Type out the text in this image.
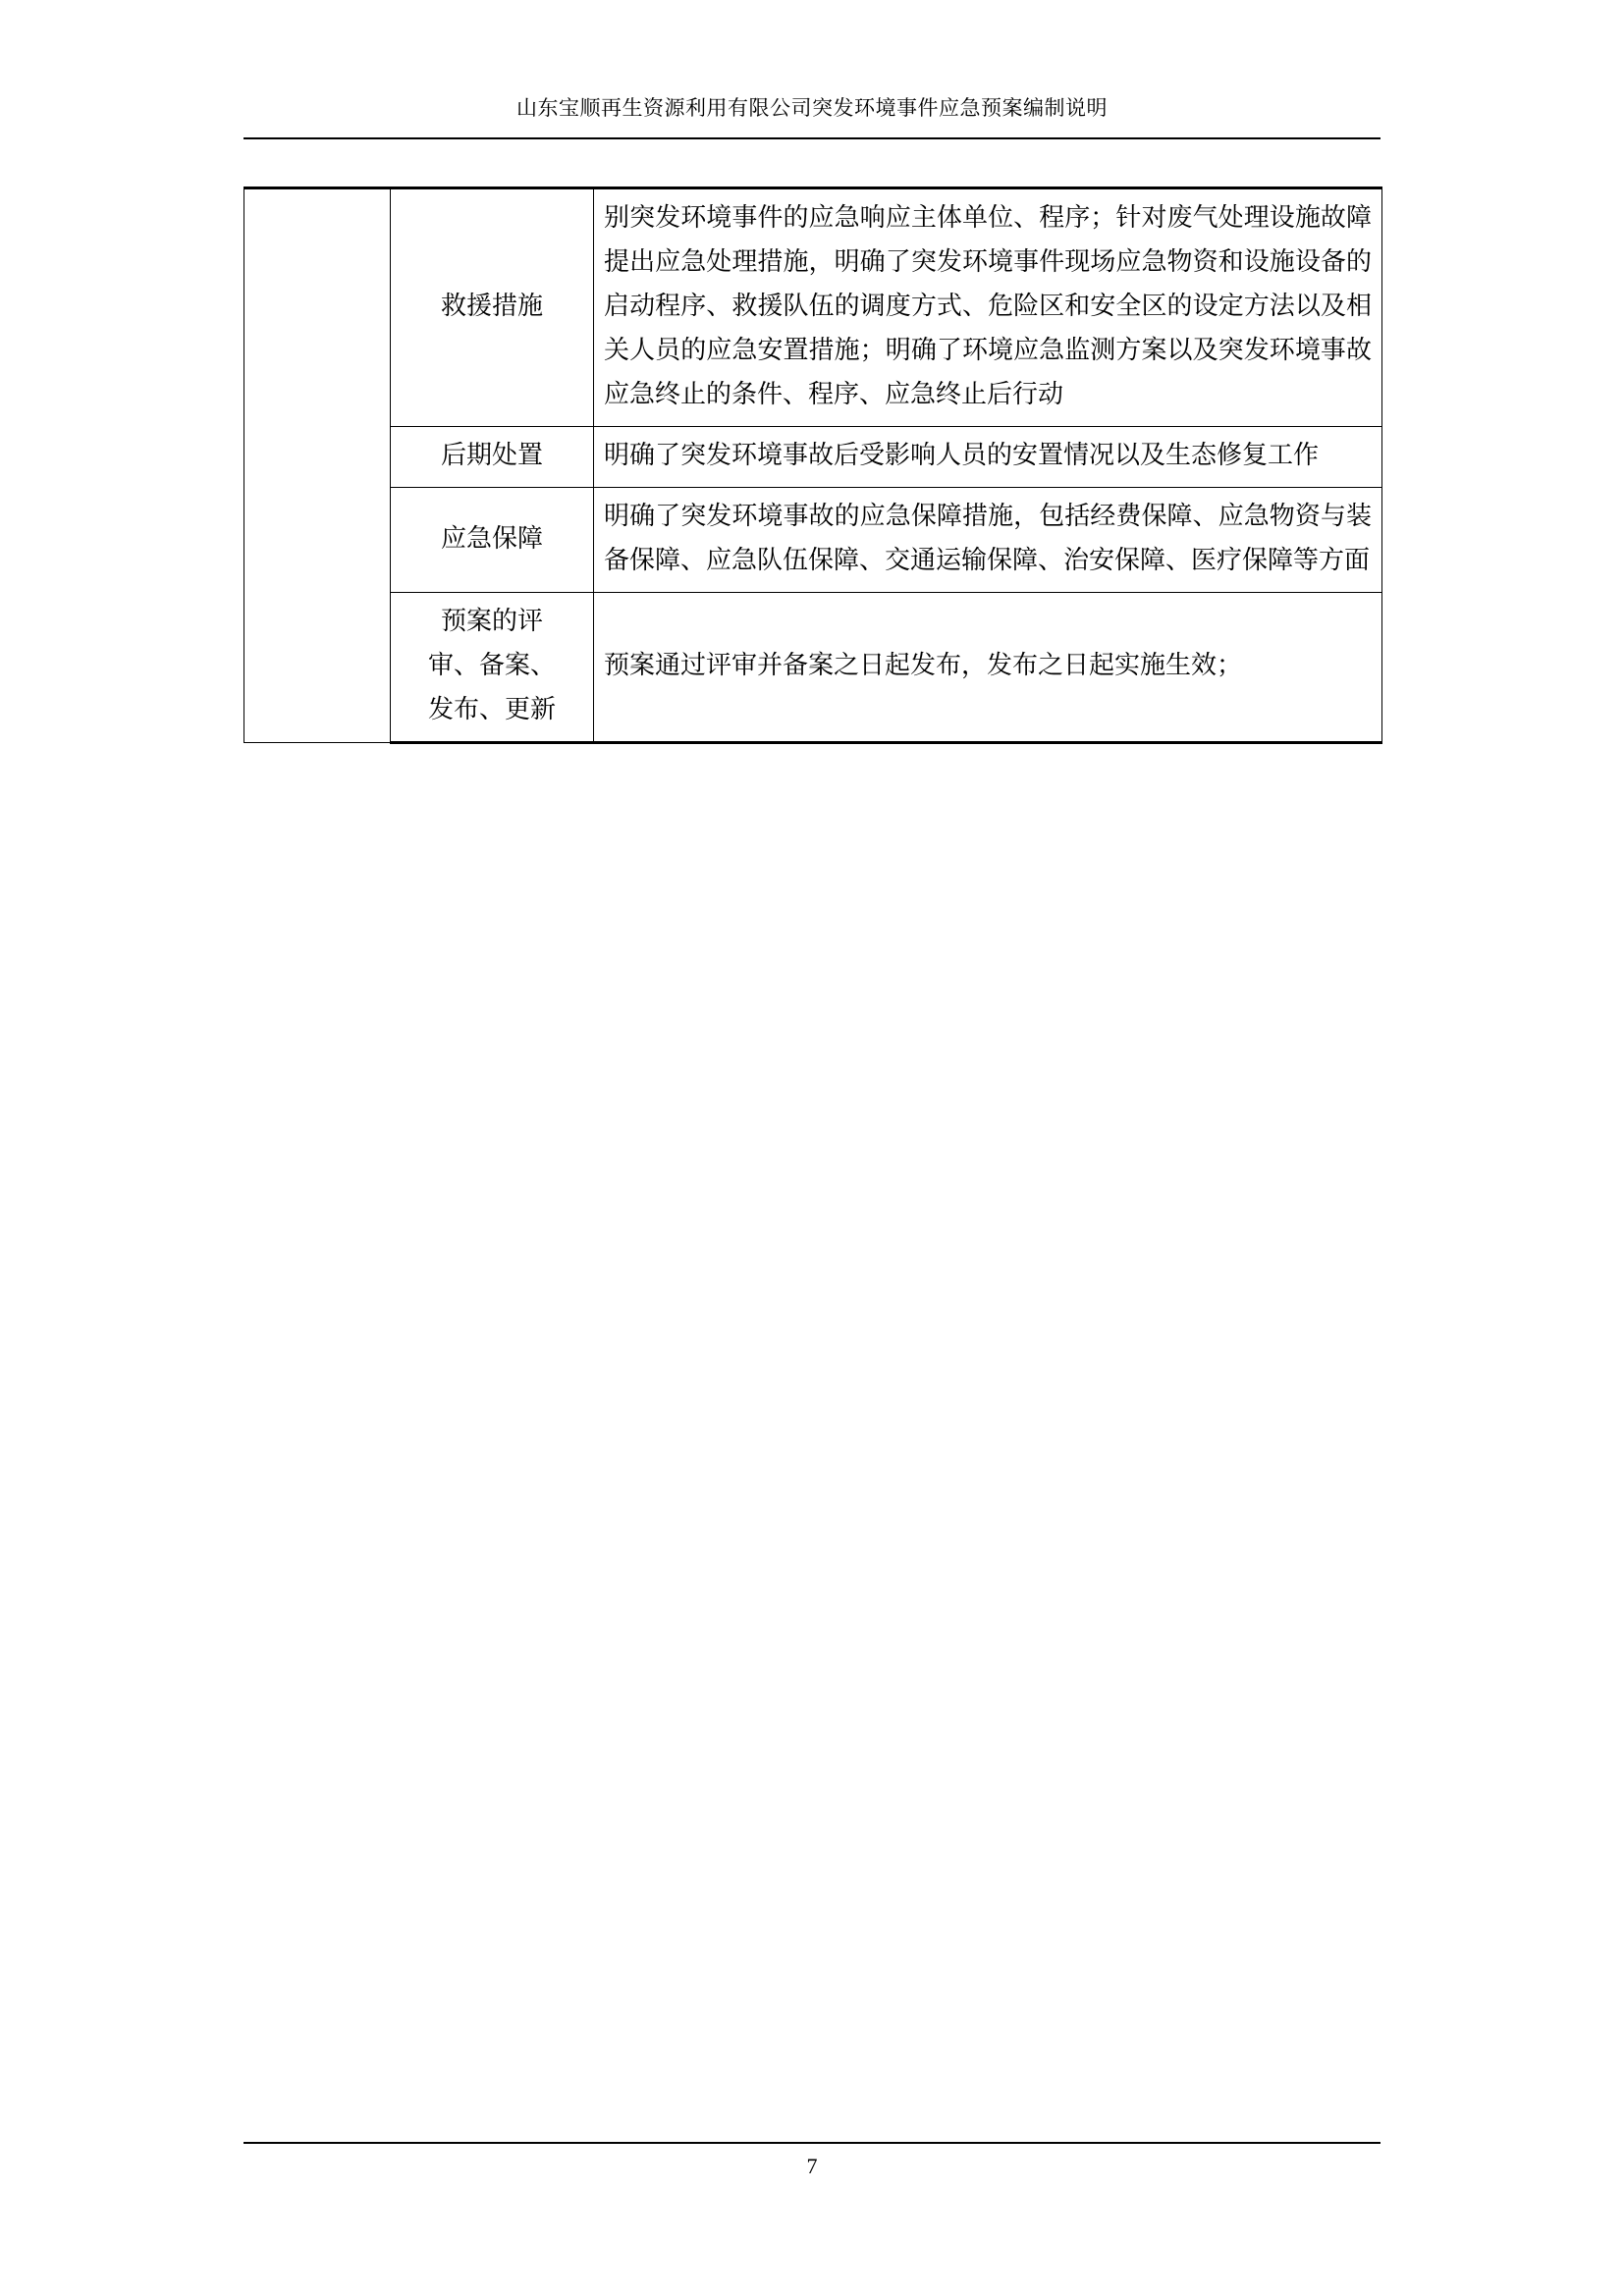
山东宝顺再生资源利用有限公司突发环境事件应急预案编制说明
	救援措施	别突发环境事件的应急响应主体单位、程序；针对废气处理设施故障提出应急处理措施，明确了突发环境事件现场应急物资和设施设备的启动程序、救援队伍的调度方式、危险区和安全区的设定方法以及相关人员的应急安置措施；明确了环境应急监测方案以及突发环境事故应急终止的条件、程序、应急终止后行动
	后期处置	明确了突发环境事故后受影响人员的安置情况以及生态修复工作
	应急保障	明确了突发环境事故的应急保障措施，包括经费保障、应急物资与装备保障、应急队伍保障、交通运输保障、治安保障、医疗保障等方面

	预案的评
审、备案、
发布、更新	预案通过评审并备案之日起发布，发布之日起实施生效；
7
